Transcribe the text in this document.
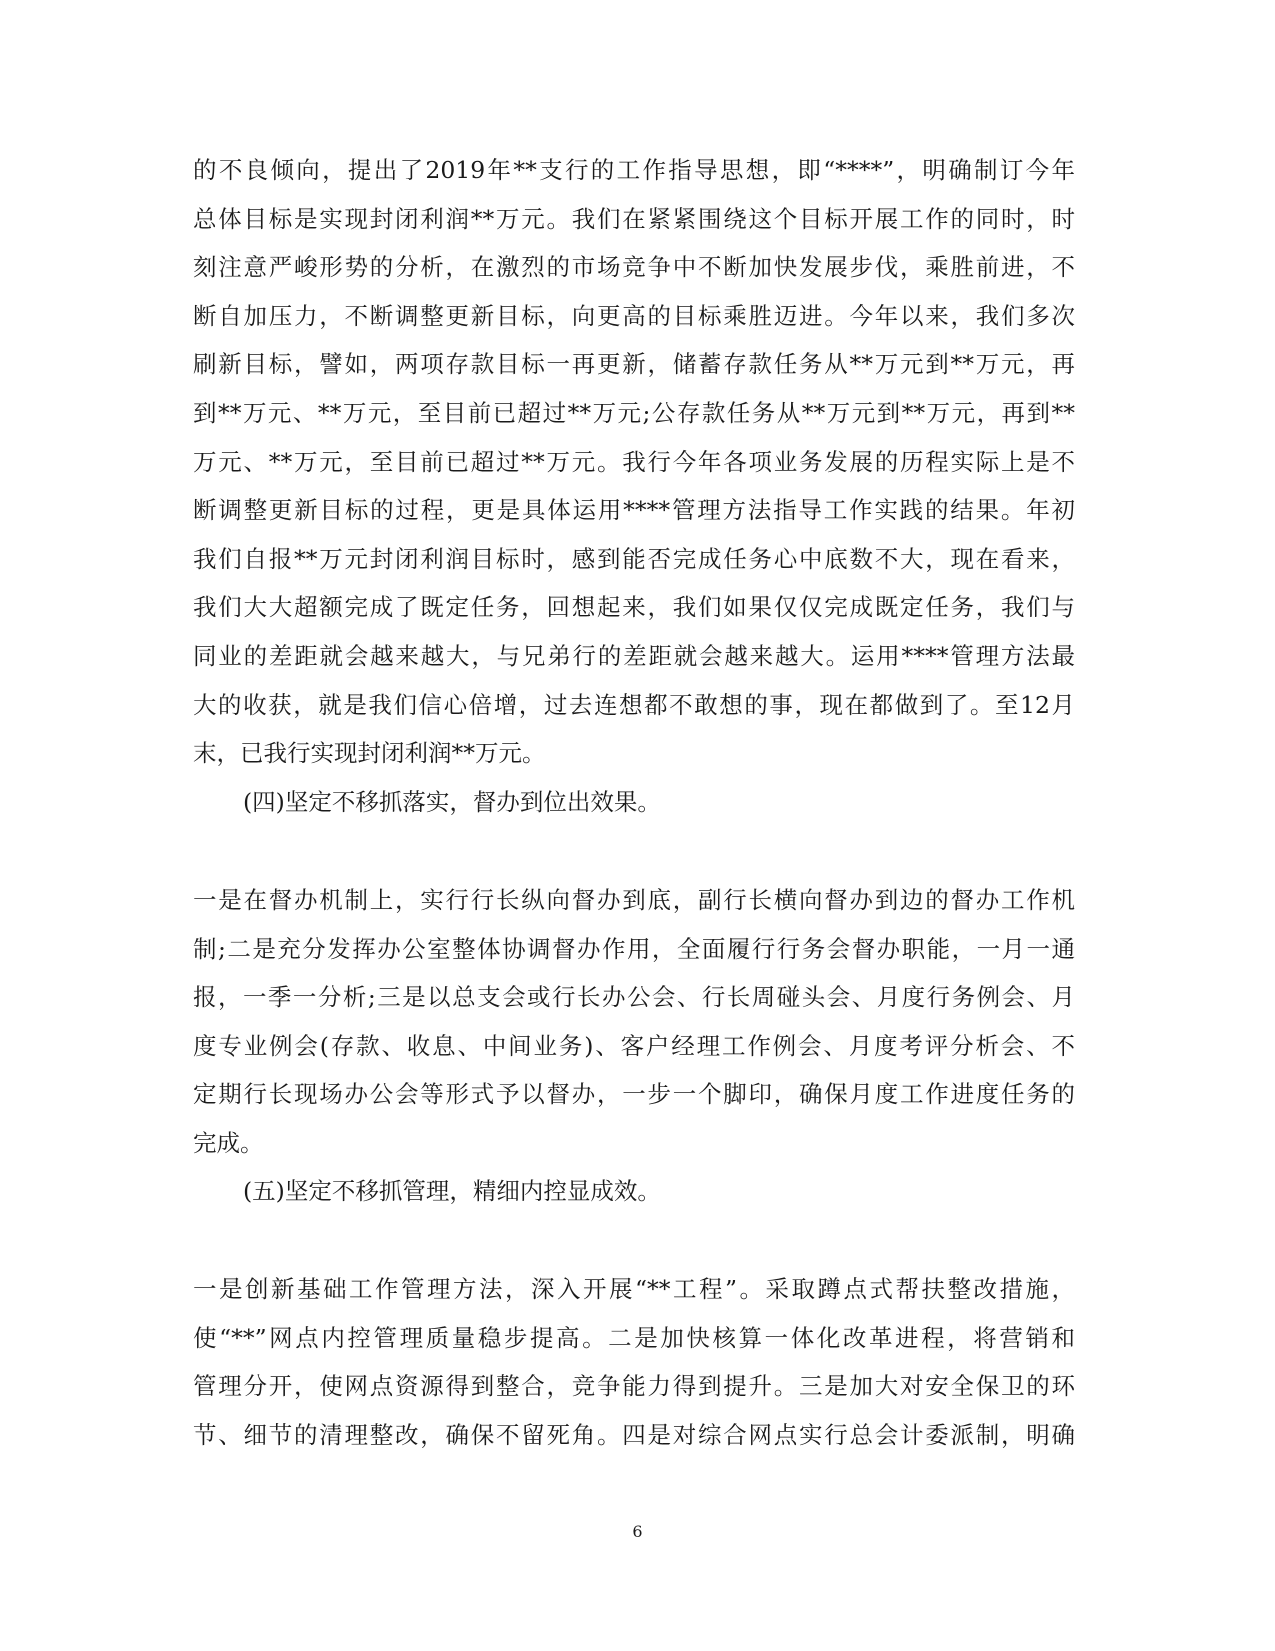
的不良倾向，提出了2019年**支行的工作指导思想，即“****”，明确制订今年
总体目标是实现封闭利润**万元。我们在紧紧围绕这个目标开展工作的同时，时
刻注意严峻形势的分析，在激烈的市场竞争中不断加快发展步伐，乘胜前进，不
断自加压力，不断调整更新目标，向更高的目标乘胜迈进。今年以来，我们多次
刷新目标，譬如，两项存款目标一再更新，储蓄存款任务从**万元到**万元，再
到**万元、**万元，至目前已超过**万元;公存款任务从**万元到**万元，再到**
万元、**万元，至目前已超过**万元。我行今年各项业务发展的历程实际上是不
断调整更新目标的过程，更是具体运用****管理方法指导工作实践的结果。年初
我们自报**万元封闭利润目标时，感到能否完成任务心中底数不大，现在看来，
我们大大超额完成了既定任务，回想起来，我们如果仅仅完成既定任务，我们与
同业的差距就会越来越大，与兄弟行的差距就会越来越大。运用****管理方法最
大的收获，就是我们信心倍增，过去连想都不敢想的事，现在都做到了。至12月
末，已我行实现封闭利润**万元。
(四)坚定不移抓落实，督办到位出效果。
一是在督办机制上，实行行长纵向督办到底，副行长横向督办到边的督办工作机
制;二是充分发挥办公室整体协调督办作用，全面履行行务会督办职能，一月一通
报，一季一分析;三是以总支会或行长办公会、行长周碰头会、月度行务例会、月
度专业例会(存款、收息、中间业务)、客户经理工作例会、月度考评分析会、不
定期行长现场办公会等形式予以督办，一步一个脚印，确保月度工作进度任务的
完成。
(五)坚定不移抓管理，精细内控显成效。
一是创新基础工作管理方法，深入开展“**工程”。采取蹲点式帮扶整改措施，
使“**”网点内控管理质量稳步提高。二是加快核算一体化改革进程，将营销和
管理分开，使网点资源得到整合，竞争能力得到提升。三是加大对安全保卫的环
节、细节的清理整改，确保不留死角。四是对综合网点实行总会计委派制，明确
6
